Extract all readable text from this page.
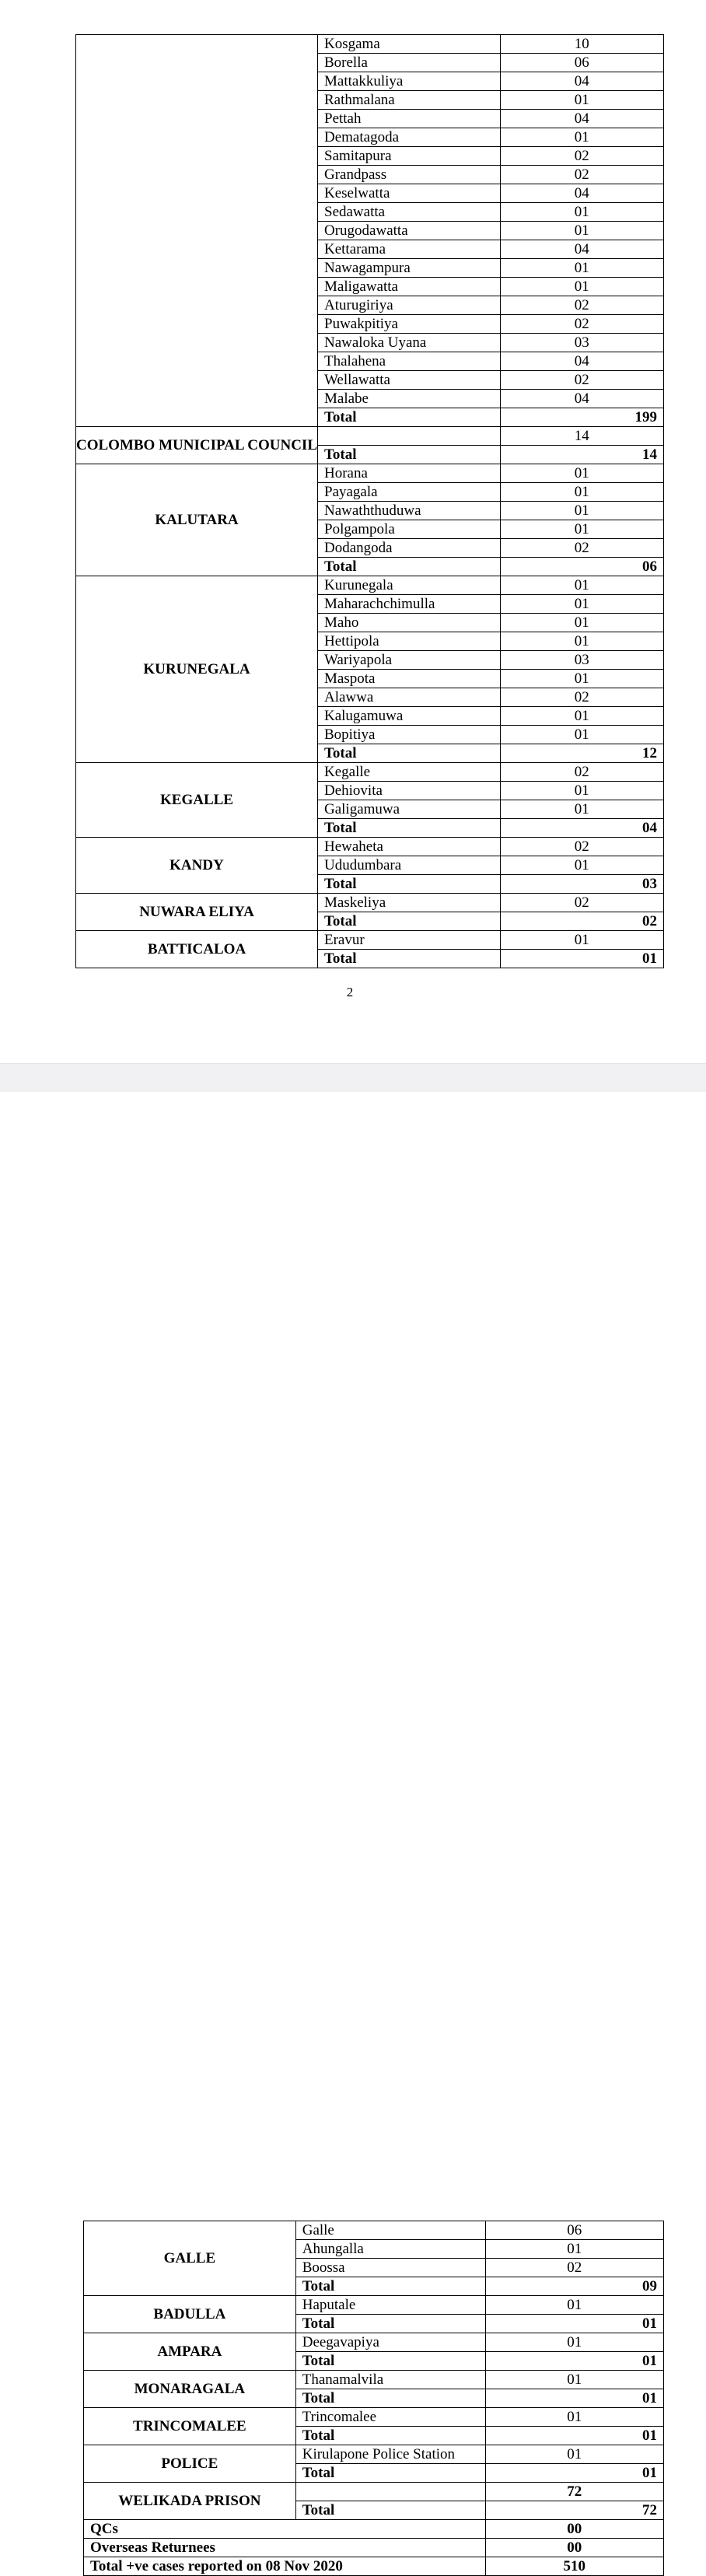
	Kosgama	10
	Borella	06
	Mattakkuliya	04
	Rathmalana	01
	Pettah	04
	Dematagoda	01
	Samitapura	02
	Grandpass	02
	Keselwatta	04
	Sedawatta	01
	Orugodawatta	01
	Kettarama	04
	Nawagampura	01
	Maligawatta	01
	Aturugiriya	02
	Puwakpitiya	02
	Nawaloka Uyana	03
	Thalahena	04
	Wellawatta	02
	Malabe	04
	Total	199
COLOMBO MUNICIPAL COUNCIL		14
	Total	14
KALUTARA	Horana	01
	Payagala	01
	Nawaththuduwa	01
	Polgampola	01
	Dodangoda	02
	Total	06
KURUNEGALA	Kurunegala	01
	Maharachchimulla	01
	Maho	01
	Hettipola	01
	Wariyapola	03
	Maspota	01
	Alawwa	02
	Kalugamuwa	01
	Bopitiya	01
	Total	12
KEGALLE	Kegalle	02
	Dehiovita	01
	Galigamuwa	01
	Total	04
KANDY	Hewaheta	02
	Ududumbara	01
	Total	03
NUWARA ELIYA	Maskeliya	02
	Total	02
BATTICALOA	Eravur	01
	Total	01
2
GALLE	Galle	06
	Ahungalla	01
	Boossa	02
	Total	09
BADULLA	Haputale	01
	Total	01
AMPARA	Deegavapiya	01
	Total	01
MONARAGALA	Thanamalvila	01
	Total	01
TRINCOMALEE	Trincomalee	01
	Total	01
POLICE	Kirulapone Police Station	01
	Total	01
WELIKADA PRISON		72
	Total	72
QCs		00
Overseas Returnees		00
Total +ve cases reported on 08 Nov 2020		510
